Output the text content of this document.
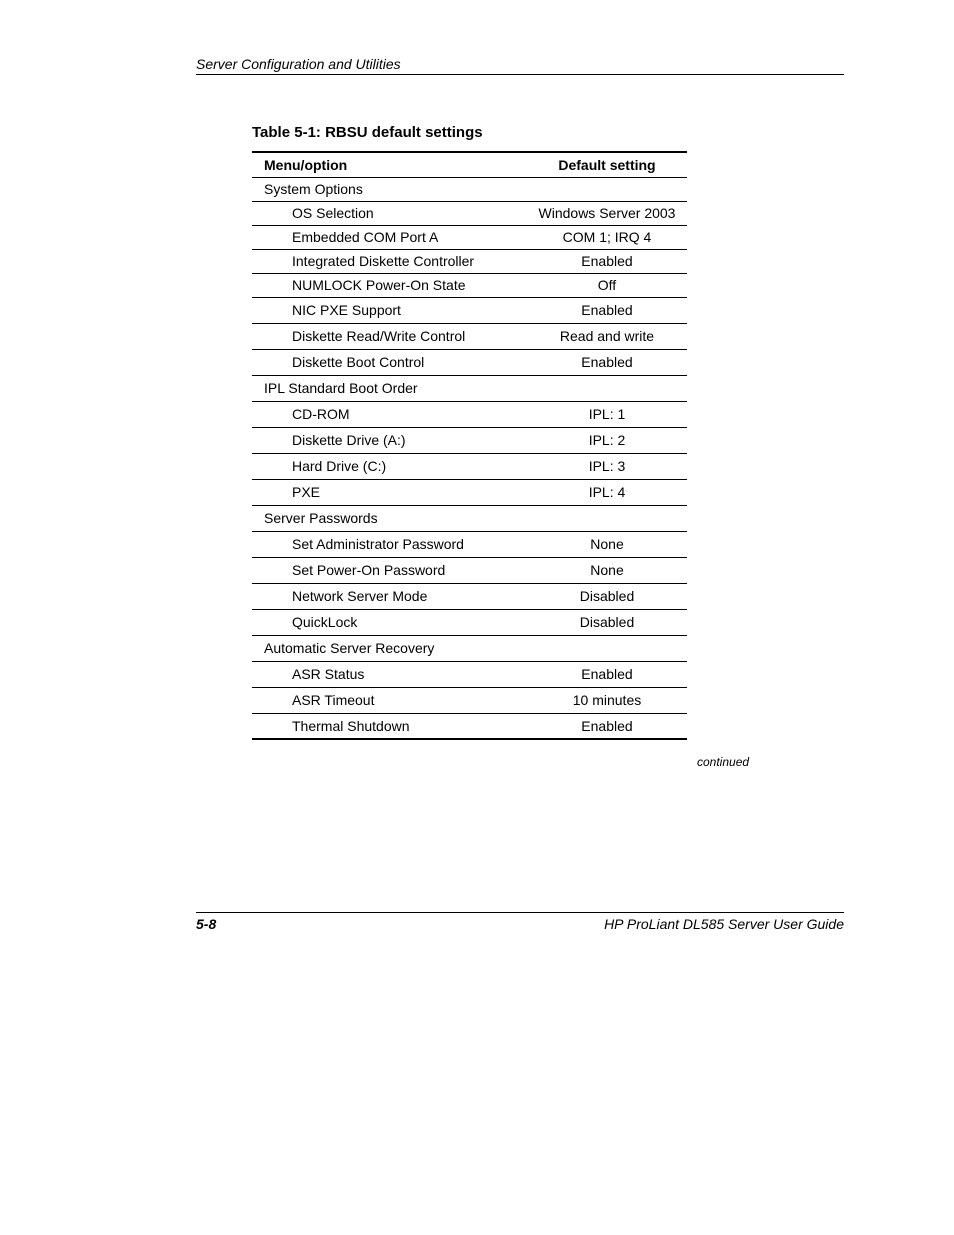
Server Configuration and Utilities
Table 5-1: RBSU default settings
Menu/option	Default setting
System Options	
OS Selection	Windows Server 2003
Embedded COM Port A	COM 1; IRQ 4
Integrated Diskette Controller	Enabled
NUMLOCK Power-On State	Off
NIC PXE Support	Enabled
Diskette Read/Write Control	Read and write
Diskette Boot Control	Enabled
IPL Standard Boot Order	
CD-ROM	IPL: 1
Diskette Drive (A:)	IPL: 2
Hard Drive (C:)	IPL: 3
PXE	IPL: 4
Server Passwords	
Set Administrator Password	None
Set Power-On Password	None
Network Server Mode	Disabled
QuickLock	Disabled
Automatic Server Recovery	
ASR Status	Enabled
ASR Timeout	10 minutes
Thermal Shutdown	Enabled
continued
5-8	HP ProLiant DL585 Server User Guide
